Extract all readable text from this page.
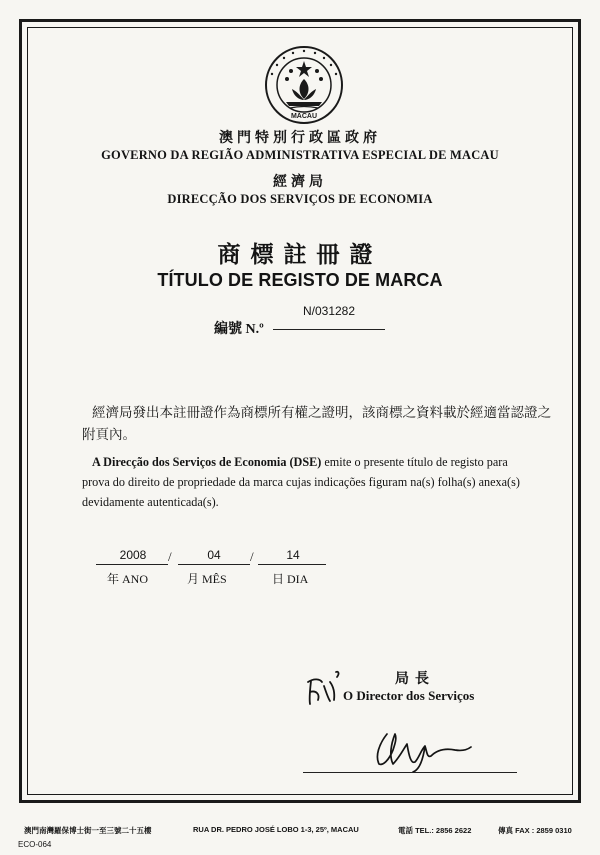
MACAU
澳門特別行政區政府
GOVERNO DA REGIÃO ADMINISTRATIVA ESPECIAL DE MACAU
經濟局
DIRECÇÃO DOS SERVIÇOS DE ECONOMIA
商標註冊證
TÍTULO DE REGISTO DE MARCA
編號 N.º
N/031282
經濟局發出本註冊證作為商標所有權之證明，該商標之資料載於經適當認證之
附頁內。
A Direcção dos Serviços de Economia (DSE) emite o presente título de registo para
prova do direito de propriedade da marca cujas indicações figuram na(s) folha(s) anexa(s)
devidamente autenticada(s).
2008	/	04	/	14
年 ANO	月 MÊS	日 DIA
局長
O Director dos Serviços
澳門南灣羅保博士街一至三號二十五樓	RUA DR. PEDRO JOSÉ LOBO 1-3, 25º, MACAU	電話 TEL.: 2856 2622	傳真 FAX : 2859 0310
ECO-064
